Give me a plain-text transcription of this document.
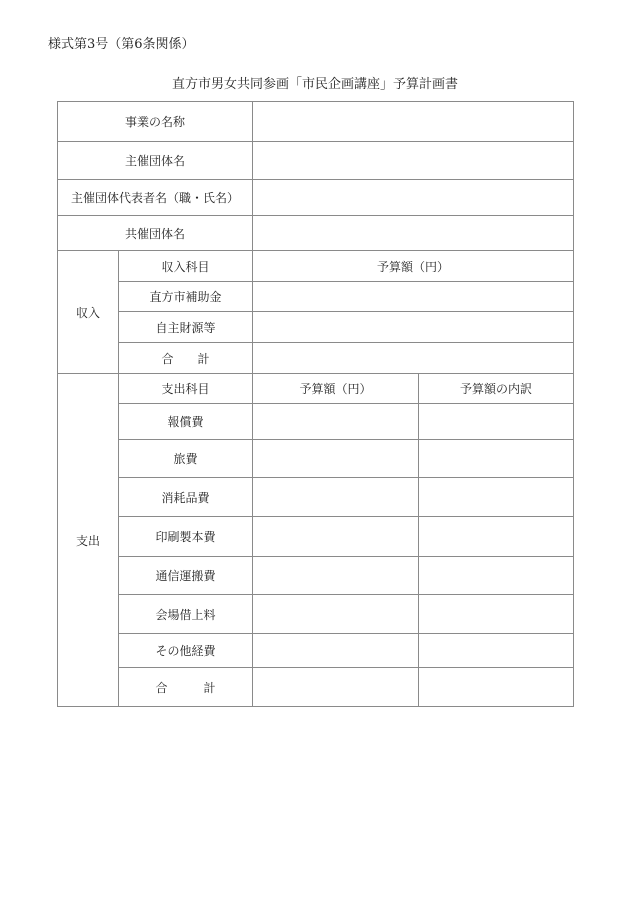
様式第3号（第6条関係）
直方市男女共同参画「市民企画講座」予算計画書
事業の名称			
主催団体名			
主催団体代表者名（職・氏名）			
共催団体名			
収入	収入科目	予算額（円）	
	直方市補助金		
	自主財源等		
	合　　計		
支出	支出科目	予算額（円）	予算額の内訳
	報償費		
	旅費		
	消耗品費		
	印刷製本費		
	通信運搬費		
	会場借上料		
	その他経費		
	合　　　計		
